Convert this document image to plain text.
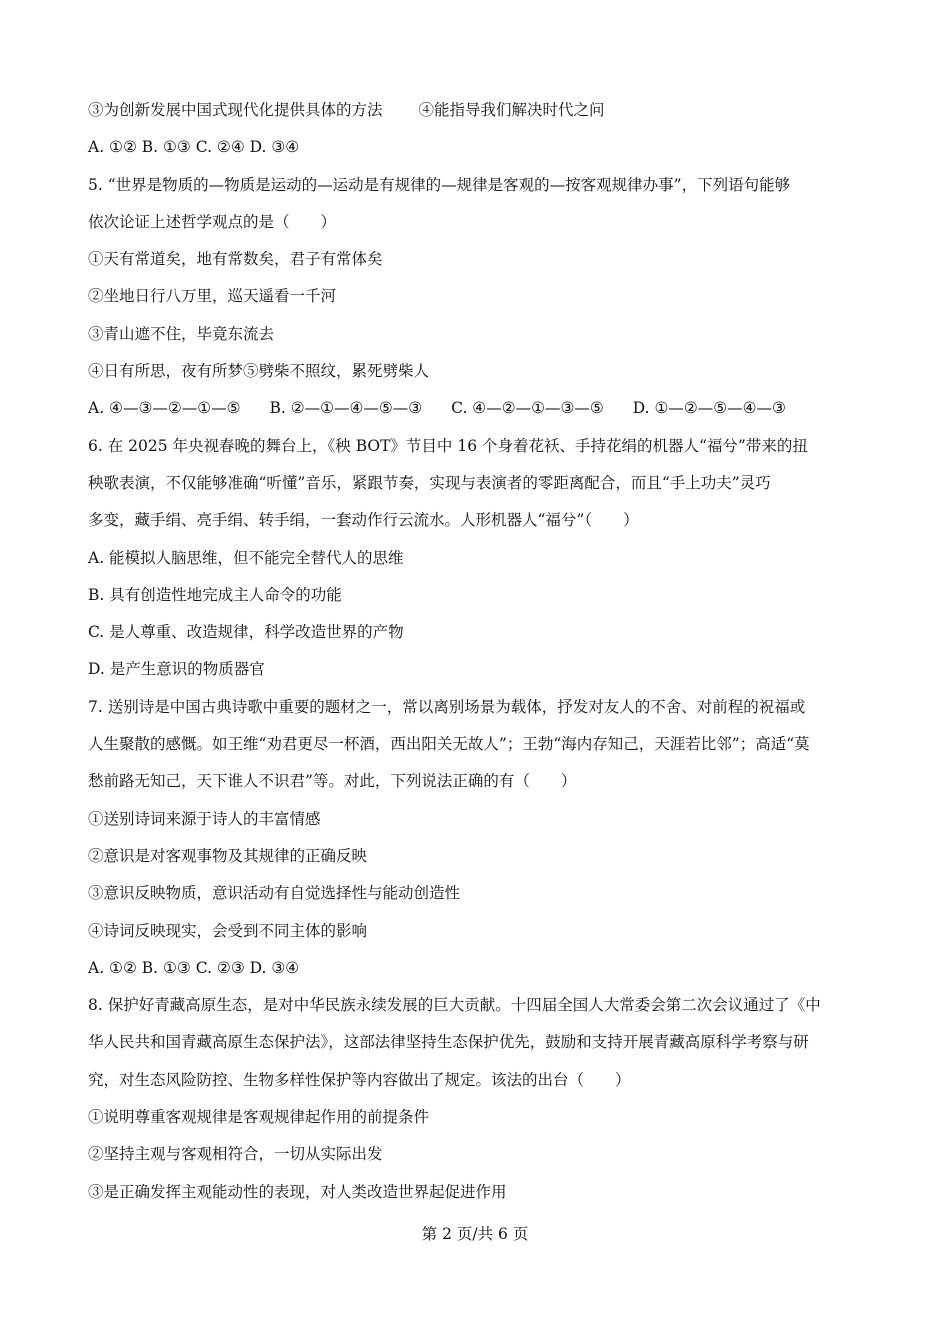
③为创新发展中国式现代化提供具体的方法 ④能指导我们解决时代之问
A. ①② B. ①③ C. ②④ D. ③④
5. “世界是物质的—物质是运动的—运动是有规律的—规律是客观的—按客观规律办事”，下列语句能够
依次论证上述哲学观点的是（　　）
①天有常道矣，地有常数矣，君子有常体矣
②坐地日行八万里，巡天遥看一千河
③青山遮不住，毕竟东流去
④日有所思，夜有所梦⑤劈柴不照纹，累死劈柴人
A. ④—③—②—①—⑤ B. ②—①—④—⑤—③ C. ④—②—①—③—⑤ D. ①—②—⑤—④—③
6. 在 2025 年央视春晚的舞台上，《秧 BOT》节目中 16 个身着花袄、手持花绢的机器人“福兮”带来的扭
秧歌表演，不仅能够准确“听懂”音乐，紧跟节奏，实现与表演者的零距离配合，而且“手上功夫”灵巧
多变，藏手绢、亮手绢、转手绢，一套动作行云流水。人形机器人“福兮”（　　）
A. 能模拟人脑思维，但不能完全替代人的思维
B. 具有创造性地完成主人命令的功能
C. 是人尊重、改造规律，科学改造世界的产物
D. 是产生意识的物质器官
7. 送别诗是中国古典诗歌中重要的题材之一，常以离别场景为载体，抒发对友人的不舍、对前程的祝福或
人生聚散的感慨。如王维“劝君更尽一杯酒，西出阳关无故人”；王勃“海内存知己，天涯若比邻”；高适“莫
愁前路无知己，天下谁人不识君”等。对此，下列说法正确的有（　　）
①送别诗词来源于诗人的丰富情感
②意识是对客观事物及其规律的正确反映
③意识反映物质，意识活动有自觉选择性与能动创造性
④诗词反映现实，会受到不同主体的影响
A. ①② B. ①③ C. ②③ D. ③④
8. 保护好青藏高原生态，是对中华民族永续发展的巨大贡献。十四届全国人大常委会第二次会议通过了《中
华人民共和国青藏高原生态保护法》，这部法律坚持生态保护优先，鼓励和支持开展青藏高原科学考察与研
究，对生态风险防控、生物多样性保护等内容做出了规定。该法的出台（　　）
①说明尊重客观规律是客观规律起作用的前提条件
②坚持主观与客观相符合，一切从实际出发
③是正确发挥主观能动性的表现，对人类改造世界起促进作用
第 2 页/共 6 页
